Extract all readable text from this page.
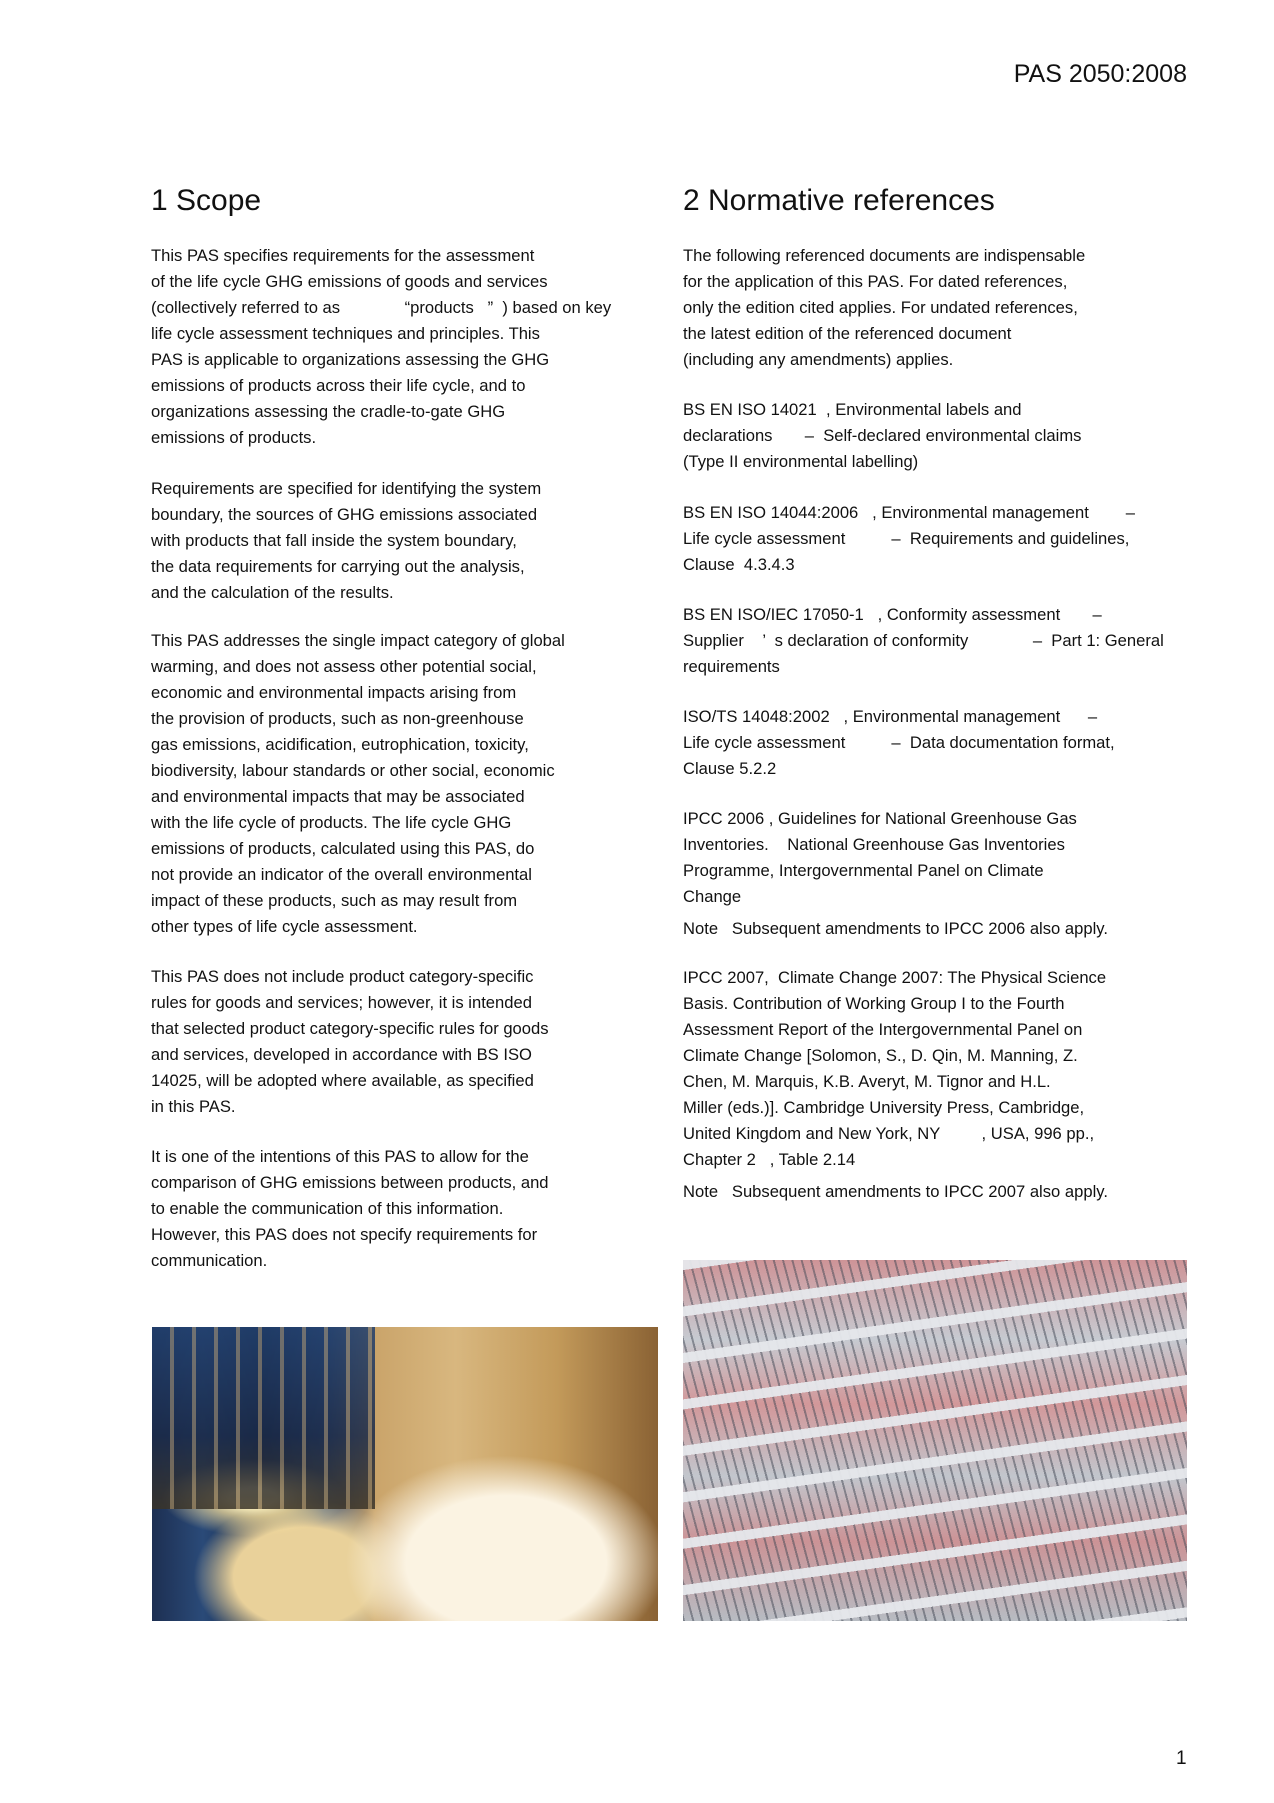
PAS 2050:2008
1 Scope	2 Normative references
This PAS specifies requirements for the assessment
of the life cycle GHG emissions of goods and services
(collectively referred to as              “products   ”  ) based on key
life cycle assessment techniques and principles. This
PAS is applicable to organizations assessing the GHG
emissions of products across their life cycle, and to
organizations assessing the cradle-to-gate GHG
emissions of products.
Requirements are specified for identifying the system
boundary, the sources of GHG emissions associated
with products that fall inside the system boundary,
the data requirements for carrying out the analysis,
and the calculation of the results.
This PAS addresses the single impact category of global
warming, and does not assess other potential social,
economic and environmental impacts arising from
the provision of products, such as non-greenhouse
gas emissions, acidification, eutrophication, toxicity,
biodiversity, labour standards or other social, economic
and environmental impacts that may be associated
with the life cycle of products. The life cycle GHG
emissions of products, calculated using this PAS, do
not provide an indicator of the overall environmental
impact of these products, such as may result from
other types of life cycle assessment.
This PAS does not include product category-specific
rules for goods and services; however, it is intended
that selected product category-specific rules for goods
and services, developed in accordance with BS ISO
14025, will be adopted where available, as specified
in this PAS.
It is one of the intentions of this PAS to allow for the
comparison of GHG emissions between products, and
to enable the communication of this information.
However, this PAS does not specify requirements for
communication.
The following referenced documents are indispensable
for the application of this PAS. For dated references,
only the edition cited applies. For undated references,
the latest edition of the referenced document
(including any amendments) applies.
BS EN ISO 14021  , Environmental labels and
declarations       –  Self-declared environmental claims
(Type II environmental labelling)
BS EN ISO 14044:2006   , Environmental management        –
Life cycle assessment          –  Requirements and guidelines,
Clause  4.3.4.3
BS EN ISO/IEC 17050-1   , Conformity assessment       –
Supplier    ’  s declaration of conformity              –  Part 1: General
requirements
ISO/TS 14048:2002   , Environmental management      –
Life cycle assessment          –  Data documentation format,
Clause 5.2.2
IPCC 2006 , Guidelines for National Greenhouse Gas
Inventories.    National Greenhouse Gas Inventories
Programme, Intergovernmental Panel on Climate
Change
Note   Subsequent amendments to IPCC 2006 also apply.
IPCC 2007,  Climate Change 2007: The Physical Science
Basis. Contribution of Working Group I to the Fourth
Assessment Report of the Intergovernmental Panel on
Climate Change [Solomon, S., D. Qin, M. Manning, Z.
Chen, M. Marquis, K.B. Averyt, M. Tignor and H.L.
Miller (eds.)]. Cambridge University Press, Cambridge,
United Kingdom and New York, NY         , USA, 996 pp.,
Chapter 2   , Table 2.14
Note   Subsequent amendments to IPCC 2007 also apply.
1
